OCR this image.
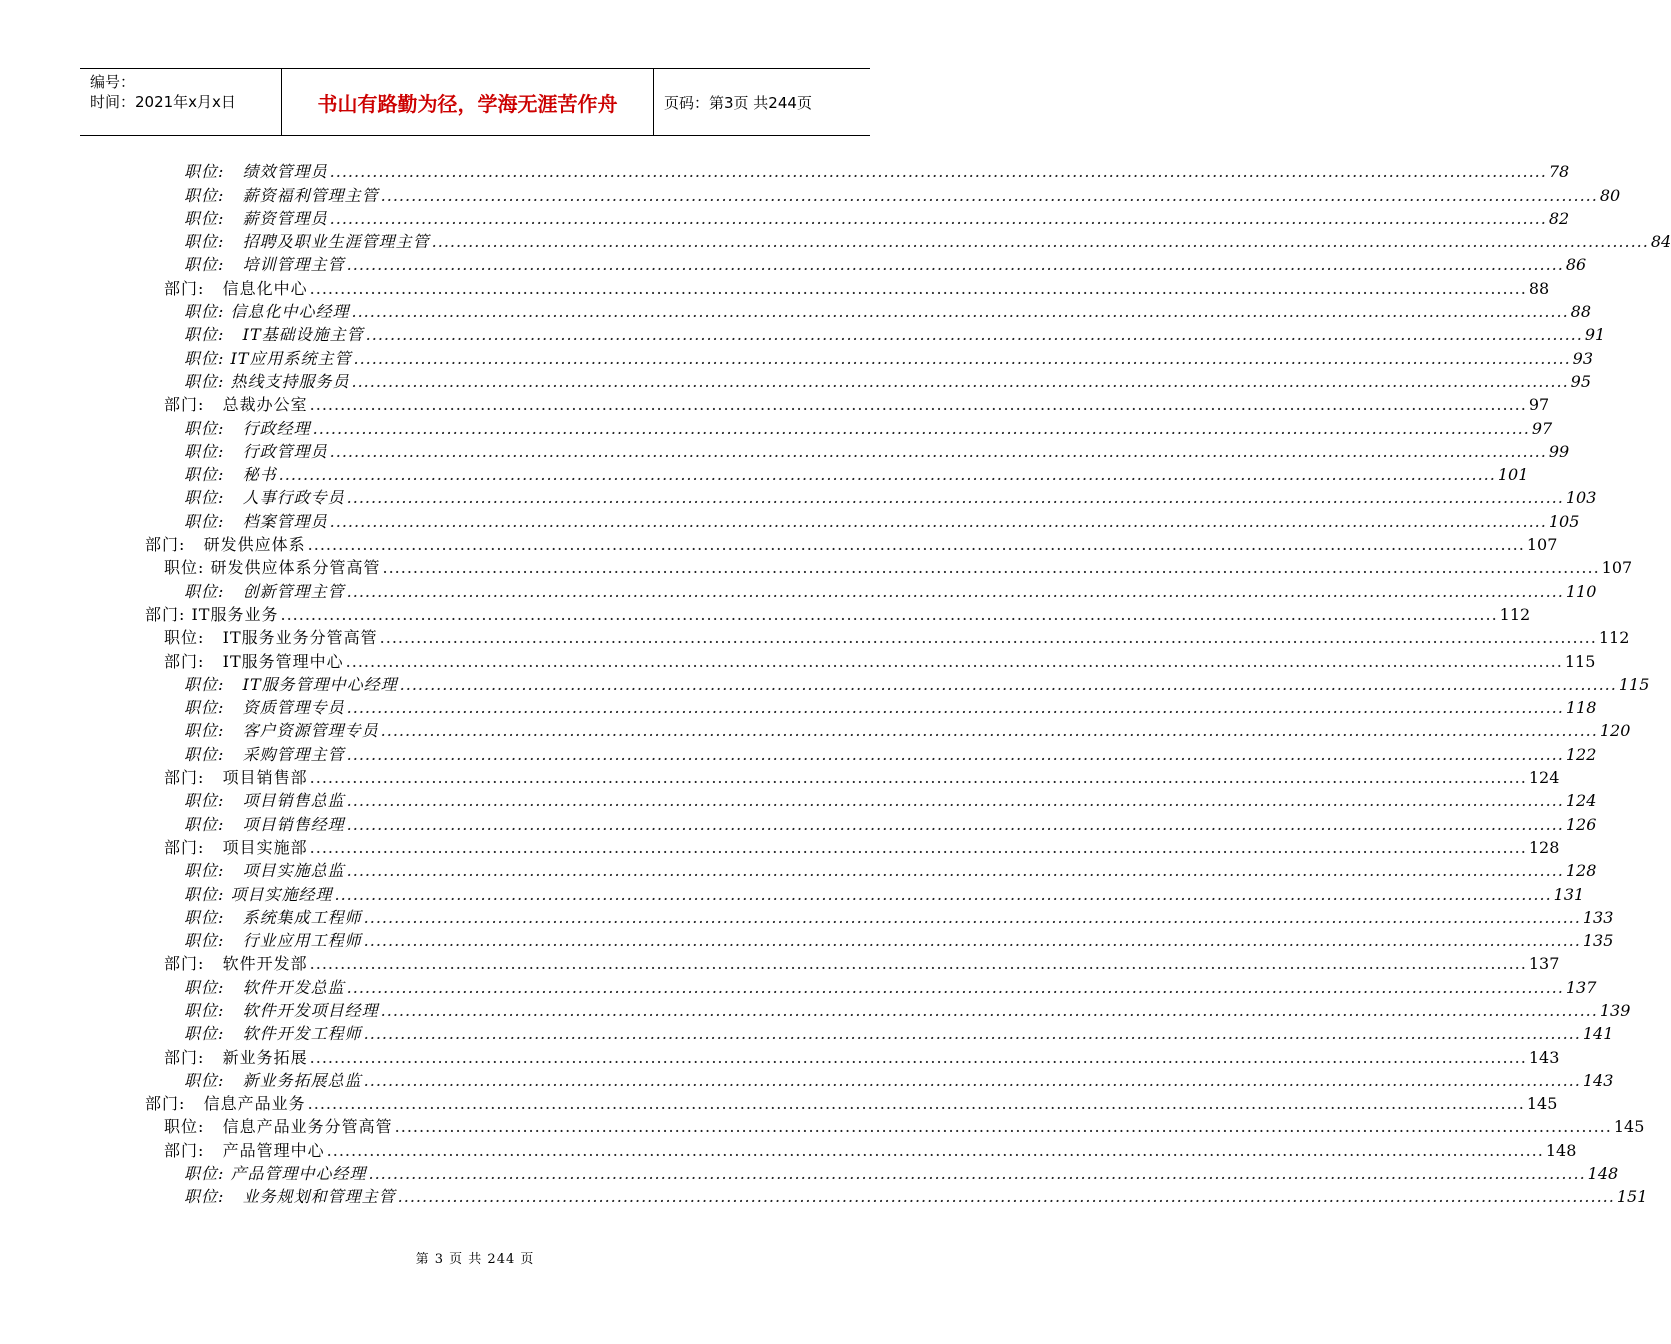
编号：
时间：2021年x月x日	书山有路勤为径，学海无涯苦作舟	页码：第3页 共244页
职位:   绩效管理员 ........................................................................................................................................................................................................ 78
职位:   薪资福利管理主管 ........................................................................................................................................................................................................ 80
职位:   薪资管理员 ........................................................................................................................................................................................................ 82
职位:   招聘及职业生涯管理主管 ........................................................................................................................................................................................................ 84
职位:   培训管理主管 ........................................................................................................................................................................................................ 86
部门:   信息化中心 ........................................................................................................................................................................................................ 88
职位: 信息化中心经理 ........................................................................................................................................................................................................ 88
职位:   IT基础设施主管 ........................................................................................................................................................................................................ 91
职位: IT应用系统主管 ........................................................................................................................................................................................................ 93
职位: 热线支持服务员 ........................................................................................................................................................................................................ 95
部门:   总裁办公室 ........................................................................................................................................................................................................ 97
职位:   行政经理 ........................................................................................................................................................................................................ 97
职位:   行政管理员 ........................................................................................................................................................................................................ 99
职位:   秘书 ........................................................................................................................................................................................................ 101
职位:   人事行政专员 ........................................................................................................................................................................................................ 103
职位:   档案管理员 ........................................................................................................................................................................................................ 105
部门:   研发供应体系 ........................................................................................................................................................................................................ 107
职位: 研发供应体系分管高管 ........................................................................................................................................................................................................ 107
职位:   创新管理主管 ........................................................................................................................................................................................................ 110
部门: IT服务业务 ........................................................................................................................................................................................................ 112
职位:   IT服务业务分管高管 ........................................................................................................................................................................................................ 112
部门:   IT服务管理中心 ........................................................................................................................................................................................................ 115
职位:   IT服务管理中心经理 ........................................................................................................................................................................................................ 115
职位:   资质管理专员 ........................................................................................................................................................................................................ 118
职位:   客户资源管理专员 ........................................................................................................................................................................................................ 120
职位:   采购管理主管 ........................................................................................................................................................................................................ 122
部门:   项目销售部 ........................................................................................................................................................................................................ 124
职位:   项目销售总监 ........................................................................................................................................................................................................ 124
职位:   项目销售经理 ........................................................................................................................................................................................................ 126
部门:   项目实施部 ........................................................................................................................................................................................................ 128
职位:   项目实施总监 ........................................................................................................................................................................................................ 128
职位: 项目实施经理 ........................................................................................................................................................................................................ 131
职位:   系统集成工程师 ........................................................................................................................................................................................................ 133
职位:   行业应用工程师 ........................................................................................................................................................................................................ 135
部门:   软件开发部 ........................................................................................................................................................................................................ 137
职位:   软件开发总监 ........................................................................................................................................................................................................ 137
职位:   软件开发项目经理 ........................................................................................................................................................................................................ 139
职位:   软件开发工程师 ........................................................................................................................................................................................................ 141
部门:   新业务拓展 ........................................................................................................................................................................................................ 143
职位:   新业务拓展总监 ........................................................................................................................................................................................................ 143
部门:   信息产品业务 ........................................................................................................................................................................................................ 145
职位:   信息产品业务分管高管 ........................................................................................................................................................................................................ 145
部门:   产品管理中心 ........................................................................................................................................................................................................ 148
职位: 产品管理中心经理 ........................................................................................................................................................................................................ 148
职位:   业务规划和管理主管 ........................................................................................................................................................................................................ 151
第 3 页 共 244 页
